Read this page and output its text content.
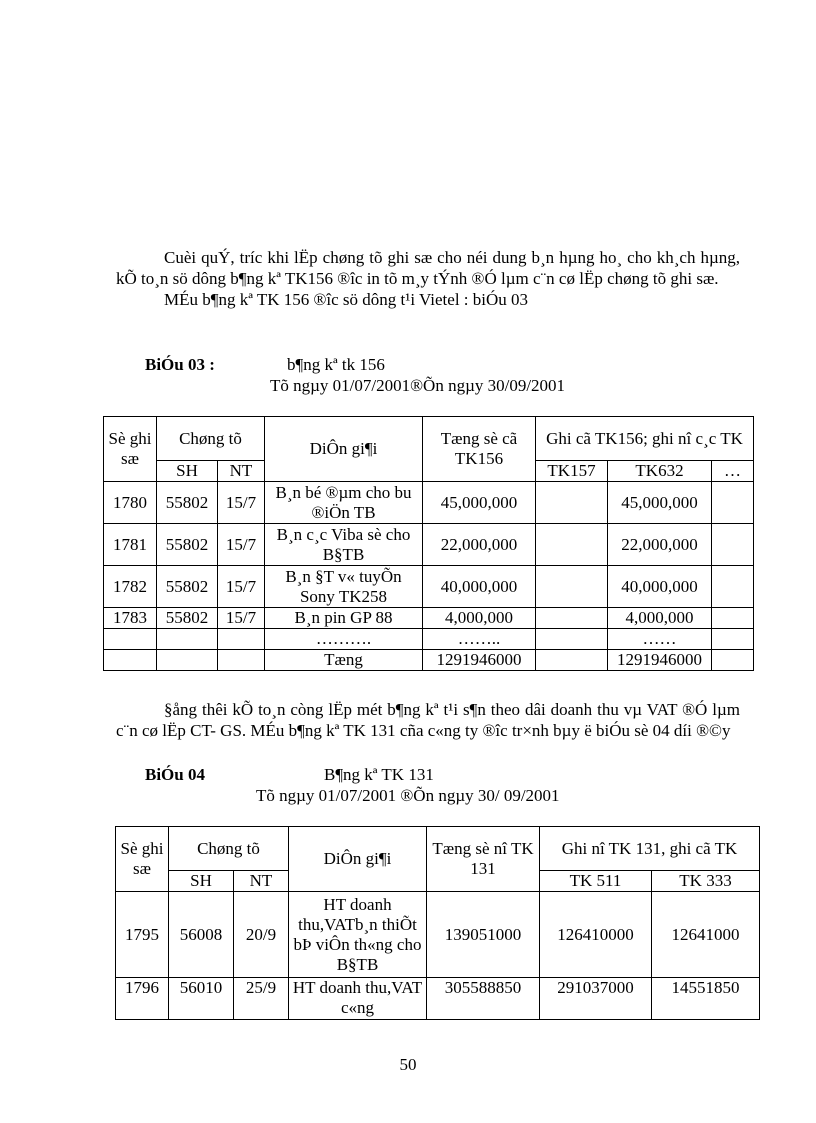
Cuèi quÝ, tríc khi lËp chøng tõ ghi sæ cho néi dung b¸n hµng ho¸ cho kh¸ch hµng, kÕ to¸n sö dông b¶ng kª TK156 ®îc in tõ m¸y tÝnh ®Ó lµm c¨n cø lËp chøng tõ ghi sæ.

MÉu b¶ng kª TK 156 ®îc sö dông t¹i Vietel : biÓu 03

BiÓu 03 :	b¶ng kª tk 156
Tõ ngµy 01/07/2001®Õn ngµy 30/09/2001
Sè ghi sæ	Chøng tõ		DiÔn gi¶i	Tæng sè cã TK156	Ghi cã TK156; ghi nî c¸c TK		
	SH	NT			TK157	TK632	…
1780	55802	15/7	B¸n bé ®µm cho bu ®iÖn TB	45,000,000		45,000,000	
1781	55802	15/7	B¸n c¸c Viba sè cho B§TB	22,000,000		22,000,000	
1782	55802	15/7	B¸n §T v« tuyÕn Sony TK258	40,000,000		40,000,000	
1783	55802	15/7	B¸n pin GP 88	4,000,000		4,000,000	
			……….	……..		……	
			Tæng	1291946000		1291946000	

§ång thêi kÕ to¸n còng lËp mét b¶ng kª t¹i s¶n theo dâi doanh thu vµ VAT ®Ó lµm c¨n cø lËp CT- GS. MÉu b¶ng kª TK 131 cña c«ng ty ®îc tr×nh bµy ë biÓu sè 04 díi ®©y

BiÓu 04	B¶ng kª TK 131
Tõ ngµy 01/07/2001 ®Õn ngµy 30/ 09/2001
Sè ghi sæ	Chøng tõ		DiÔn gi¶i	Tæng sè nî TK 131	Ghi nî TK 131, ghi cã TK	
	SH	NT			TK 511	TK 333
1795	56008	20/9	HT doanh thu,VATb¸n thiÕt bÞ viÔn th«ng cho B§TB	139051000	126410000	12641000
1796	56010	25/9	HT doanh thu,VAT c«ng	305588850	291037000	14551850
50
